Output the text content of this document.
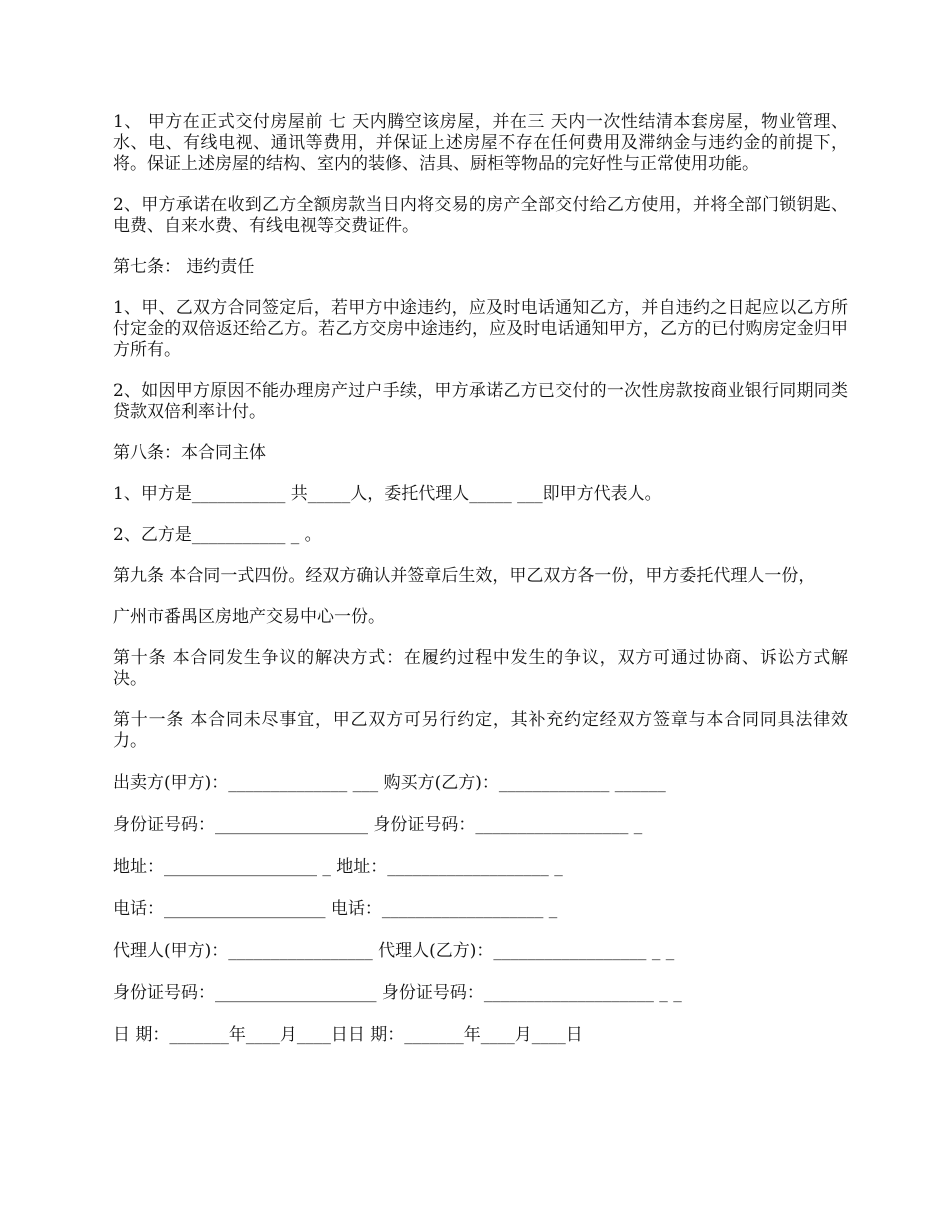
1、 甲方在正式交付房屋前 七 天内腾空该房屋，并在三 天内一次性结清本套房屋，物业管理、水、电、有线电视、通讯等费用，并保证上述房屋不存在任何费用及滞纳金与违约金的前提下，将。保证上述房屋的结构、室内的装修、洁具、厨柜等物品的完好性与正常使用功能。

2、甲方承诺在收到乙方全额房款当日内将交易的房产全部交付给乙方使用，并将全部门锁钥匙、电费、自来水费、有线电视等交费证件。

第七条： 违约责任

1、甲、乙双方合同签定后，若甲方中途违约，应及时电话通知乙方，并自违约之日起应以乙方所付定金的双倍返还给乙方。若乙方交房中途违约，应及时电话通知甲方，乙方的已付购房定金归甲方所有。

2、如因甲方原因不能办理房产过户手续，甲方承诺乙方已交付的一次性房款按商业银行同期同类贷款双倍利率计付。

第八条：本合同主体

1、甲方是___________ 共_____人，委托代理人_____ ___即甲方代表人。

2、乙方是___________ _ 。

第九条 本合同一式四份。经双方确认并签章后生效，甲乙双方各一份，甲方委托代理人一份，

广州市番禺区房地产交易中心一份。

第十条 本合同发生争议的解决方式：在履约过程中发生的争议，双方可通过协商、诉讼方式解决。

第十一条 本合同未尽事宜，甲乙双方可另行约定，其补充约定经双方签章与本合同同具法律效力。

出卖方(甲方)：______________ ___ 购买方(乙方)：_____________ ______
身份证号码：__________________ 身份证号码：__________________ _
地址：__________________ _ 地址：___________________ _
电话：___________________ 电话：___________________ _
代理人(甲方)：_________________ 代理人(乙方)：__________________ _ _
身份证号码：___________________ 身份证号码：____________________ _ _
日 期：_______年____月____日日 期：_______年____月____日
